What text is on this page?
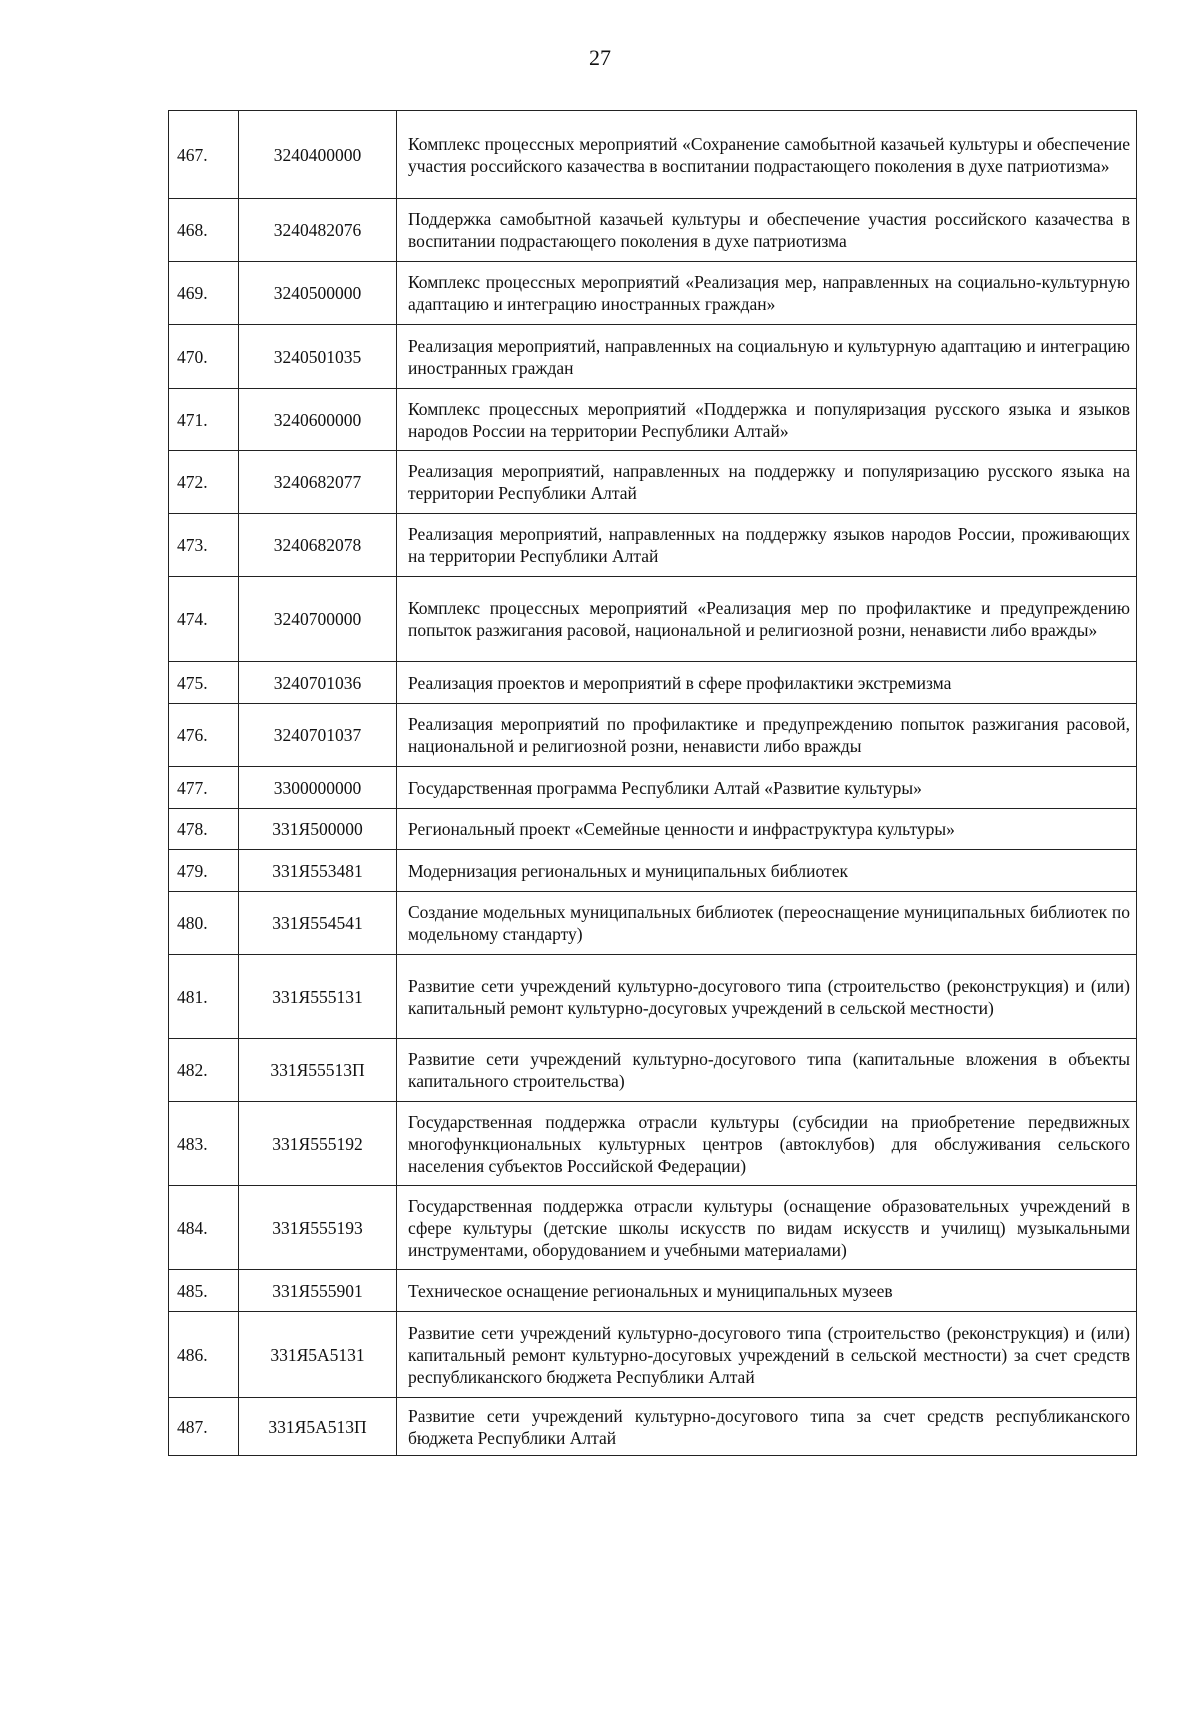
27
467.	3240400000	Комплекс процессных мероприятий «Сохранение самобытной казачьей культуры и обеспечение участия российского казачества в воспитании подрастающего поколения в духе патриотизма»
468.	3240482076	Поддержка самобытной казачьей культуры и обеспечение участия российского казачества в воспитании подрастающего поколения в духе патриотизма
469.	3240500000	Комплекс процессных мероприятий «Реализация мер, направленных на социально-культурную адаптацию и интеграцию иностранных граждан»
470.	3240501035	Реализация мероприятий, направленных на социальную и культурную адаптацию и интеграцию иностранных граждан
471.	3240600000	Комплекс процессных мероприятий «Поддержка и популяризация русского языка и языков народов России на территории Республики Алтай»
472.	3240682077	Реализация мероприятий, направленных на поддержку и популяризацию русского языка на территории Республики Алтай
473.	3240682078	Реализация мероприятий, направленных на поддержку языков народов России, проживающих на территории Республики Алтай
474.	3240700000	Комплекс процессных мероприятий «Реализация мер по профилактике и предупреждению попыток разжигания расовой, национальной и религиозной розни, ненависти либо вражды»
475.	3240701036	Реализация проектов и мероприятий в сфере профилактики экстремизма
476.	3240701037	Реализация мероприятий по профилактике и предупреждению попыток разжигания расовой, национальной и религиозной розни, ненависти либо вражды
477.	3300000000	Государственная программа Республики Алтай «Развитие культуры»
478.	331Я500000	Региональный проект «Семейные ценности и инфраструктура культуры»
479.	331Я553481	Модернизация региональных и муниципальных библиотек
480.	331Я554541	Создание модельных муниципальных библиотек (переоснащение муниципальных библиотек по модельному стандарту)
481.	331Я555131	Развитие сети учреждений культурно-досугового типа (строительство (реконструкция) и (или) капитальный ремонт культурно-досуговых учреждений в сельской местности)
482.	331Я55513П	Развитие сети учреждений культурно-досугового типа (капитальные вложения в объекты капитального строительства)
483.	331Я555192	Государственная поддержка отрасли культуры (субсидии на приобретение передвижных многофункциональных культурных центров (автоклубов) для обслуживания сельского населения субъектов Российской Федерации)
484.	331Я555193	Государственная поддержка отрасли культуры (оснащение образовательных учреждений в сфере культуры (детские школы искусств по видам искусств и училищ) музыкальными инструментами, оборудованием и учебными материалами)
485.	331Я555901	Техническое оснащение региональных и муниципальных музеев
486.	331Я5А5131	Развитие сети учреждений культурно-досугового типа (строительство (реконструкция) и (или) капитальный ремонт культурно-досуговых учреждений в сельской местности) за счет средств республиканского бюджета Республики Алтай
487.	331Я5А513П	Развитие сети учреждений культурно-досугового типа за счет средств республиканского бюджета Республики Алтай
